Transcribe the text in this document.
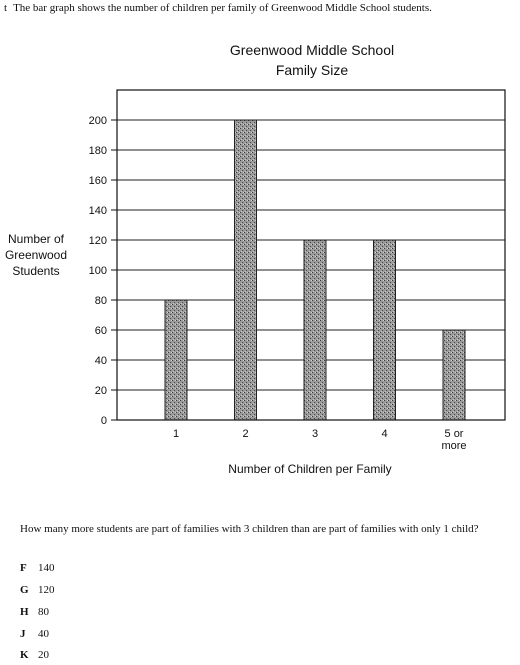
t The bar graph shows the number of children per family of Greenwood Middle School students.
Greenwood Middle School
Family Size
0
20
40
60
80
100
120
140
160
180
200
1	2	3	4	5 or
more
Number of
Greenwood
Students
Number of Children per Family
How many more students are part of families with 3 children than are part of families with only 1 child?
F 140
G 120
H 80
J 40
K 20
